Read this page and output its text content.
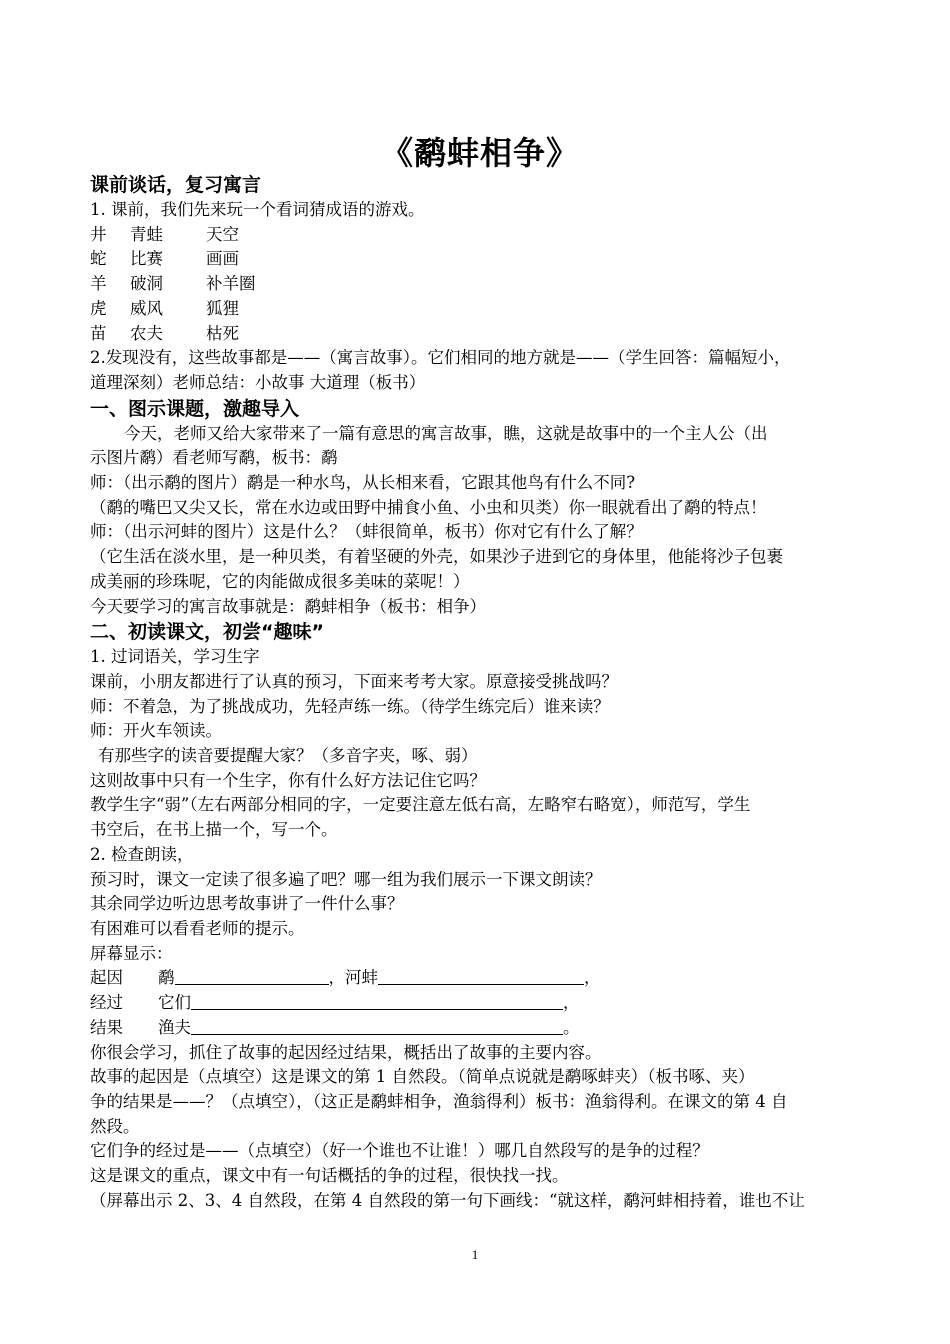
《鹬蚌相争》
课前谈话，复习寓言
1. 课前，我们先来玩一个看词猜成语的游戏。
井 青蛙	天空
蛇 比赛	画画
羊 破洞	补羊圈
虎 威风	狐狸
苗 农夫	枯死
2.发现没有，这些故事都是——（寓言故事）。它们相同的地方就是——（学生回答：篇幅短小，
道理深刻）老师总结：小故事 大道理（板书）
一、图示课题，激趣导入
今天，老师又给大家带来了一篇有意思的寓言故事，瞧，这就是故事中的一个主人公（出
示图片鹬）看老师写鹬，板书：鹬
师：（出示鹬的图片）鹬是一种水鸟，从长相来看，它跟其他鸟有什么不同?
（鹬的嘴巴又尖又长，常在水边或田野中捕食小鱼、小虫和贝类）你一眼就看出了鹬的特点！
师：（出示河蚌的图片）这是什么？（蚌很简单，板书）你对它有什么了解？
（它生活在淡水里，是一种贝类，有着坚硬的外壳，如果沙子进到它的身体里，他能将沙子包裹
成美丽的珍珠呢，它的肉能做成很多美味的菜呢！）
今天要学习的寓言故事就是：鹬蚌相争（板书：相争）
二、初读课文，初尝“趣味”
1. 过词语关，学习生字
课前，小朋友都进行了认真的预习，下面来考考大家。原意接受挑战吗？
师：不着急，为了挑战成功，先轻声练一练。（待学生练完后）谁来读？
师：开火车领读。
有那些字的读音要提醒大家？（多音字夹，啄、弱）
这则故事中只有一个生字，你有什么好方法记住它吗？
教学生字“弱”（左右两部分相同的字，一定要注意左低右高，左略窄右略宽），师范写，学生
书空后，在书上描一个，写一个。
2. 检查朗读，
预习时，课文一定读了很多遍了吧？哪一组为我们展示一下课文朗读？
其余同学边听边思考故事讲了一件什么事？
有困难可以看看老师的提示。
屏幕显示：
起因 鹬	，河蚌	，
经过 它们	，
结果 渔夫	。
你很会学习，抓住了故事的起因经过结果，概括出了故事的主要内容。
故事的起因是（点填空）这是课文的第 1 自然段。（简单点说就是鹬啄蚌夹）（板书啄、夹）
争的结果是——？（点填空），（这正是鹬蚌相争，渔翁得利）板书：渔翁得利。在课文的第 4 自
然段。
它们争的经过是——（点填空）（好一个谁也不让谁！）哪几自然段写的是争的过程？
这是课文的重点，课文中有一句话概括的争的过程，很快找一找。
（屏幕出示 2、3、4 自然段，在第 4 自然段的第一句下画线：“就这样，鹬河蚌相持着，谁也不让
1
